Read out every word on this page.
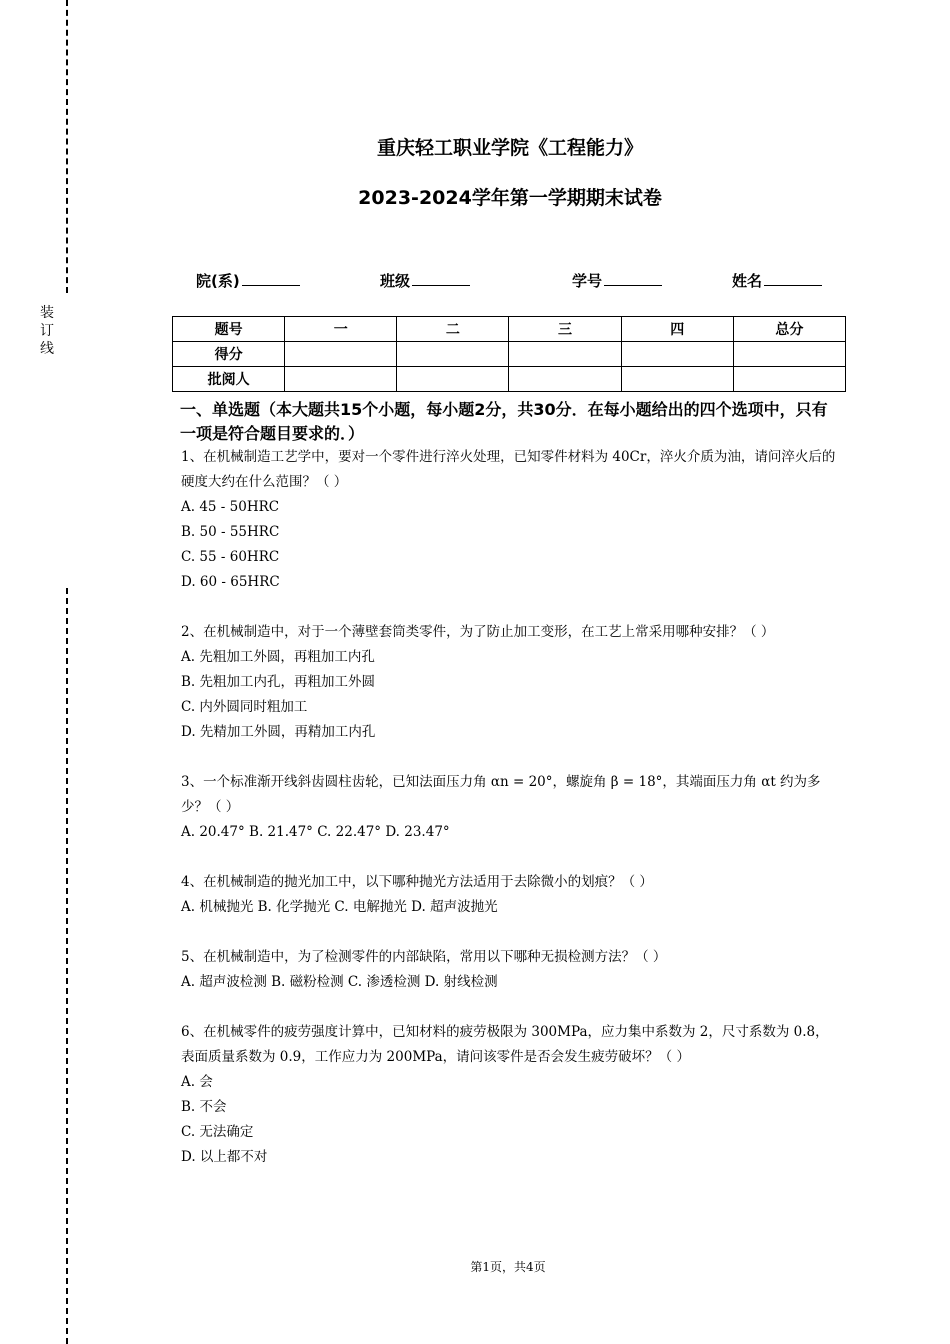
装订线
重庆轻工职业学院《工程能力》
2023-2024学年第一学期期末试卷
院(系)	班级	学号	姓名
题号	一	二	三	四	总分
得分					
批阅人					
一、单选题（本大题共15个小题，每小题2分，共30分．在每小题给出的四个选项中，只有一项是符合题目要求的．）

1、在机械制造工艺学中，要对一个零件进行淬火处理，已知零件材料为 40Cr，淬火介质为油，请问淬火后的硬度大约在什么范围？（ ）

A. 45 - 50HRC

B. 50 - 55HRC

C. 55 - 60HRC

D. 60 - 65HRC

2、在机械制造中，对于一个薄壁套筒类零件，为了防止加工变形，在工艺上常采用哪种安排？（ ）

A. 先粗加工外圆，再粗加工内孔

B. 先粗加工内孔，再粗加工外圆

C. 内外圆同时粗加工

D. 先精加工外圆，再精加工内孔

3、一个标准渐开线斜齿圆柱齿轮，已知法面压力角 αn = 20°，螺旋角 β = 18°，其端面压力角 αt 约为多少？（ ）

A. 20.47° B. 21.47° C. 22.47° D. 23.47°

4、在机械制造的抛光加工中，以下哪种抛光方法适用于去除微小的划痕？（ ）

A. 机械抛光 B. 化学抛光 C. 电解抛光 D. 超声波抛光

5、在机械制造中，为了检测零件的内部缺陷，常用以下哪种无损检测方法？（ ）

A. 超声波检测 B. 磁粉检测 C. 渗透检测 D. 射线检测

6、在机械零件的疲劳强度计算中，已知材料的疲劳极限为 300MPa，应力集中系数为 2，尺寸系数为 0.8，表面质量系数为 0.9，工作应力为 200MPa，请问该零件是否会发生疲劳破坏？（ ）

A. 会

B. 不会

C. 无法确定

D. 以上都不对

第1页，共4页
